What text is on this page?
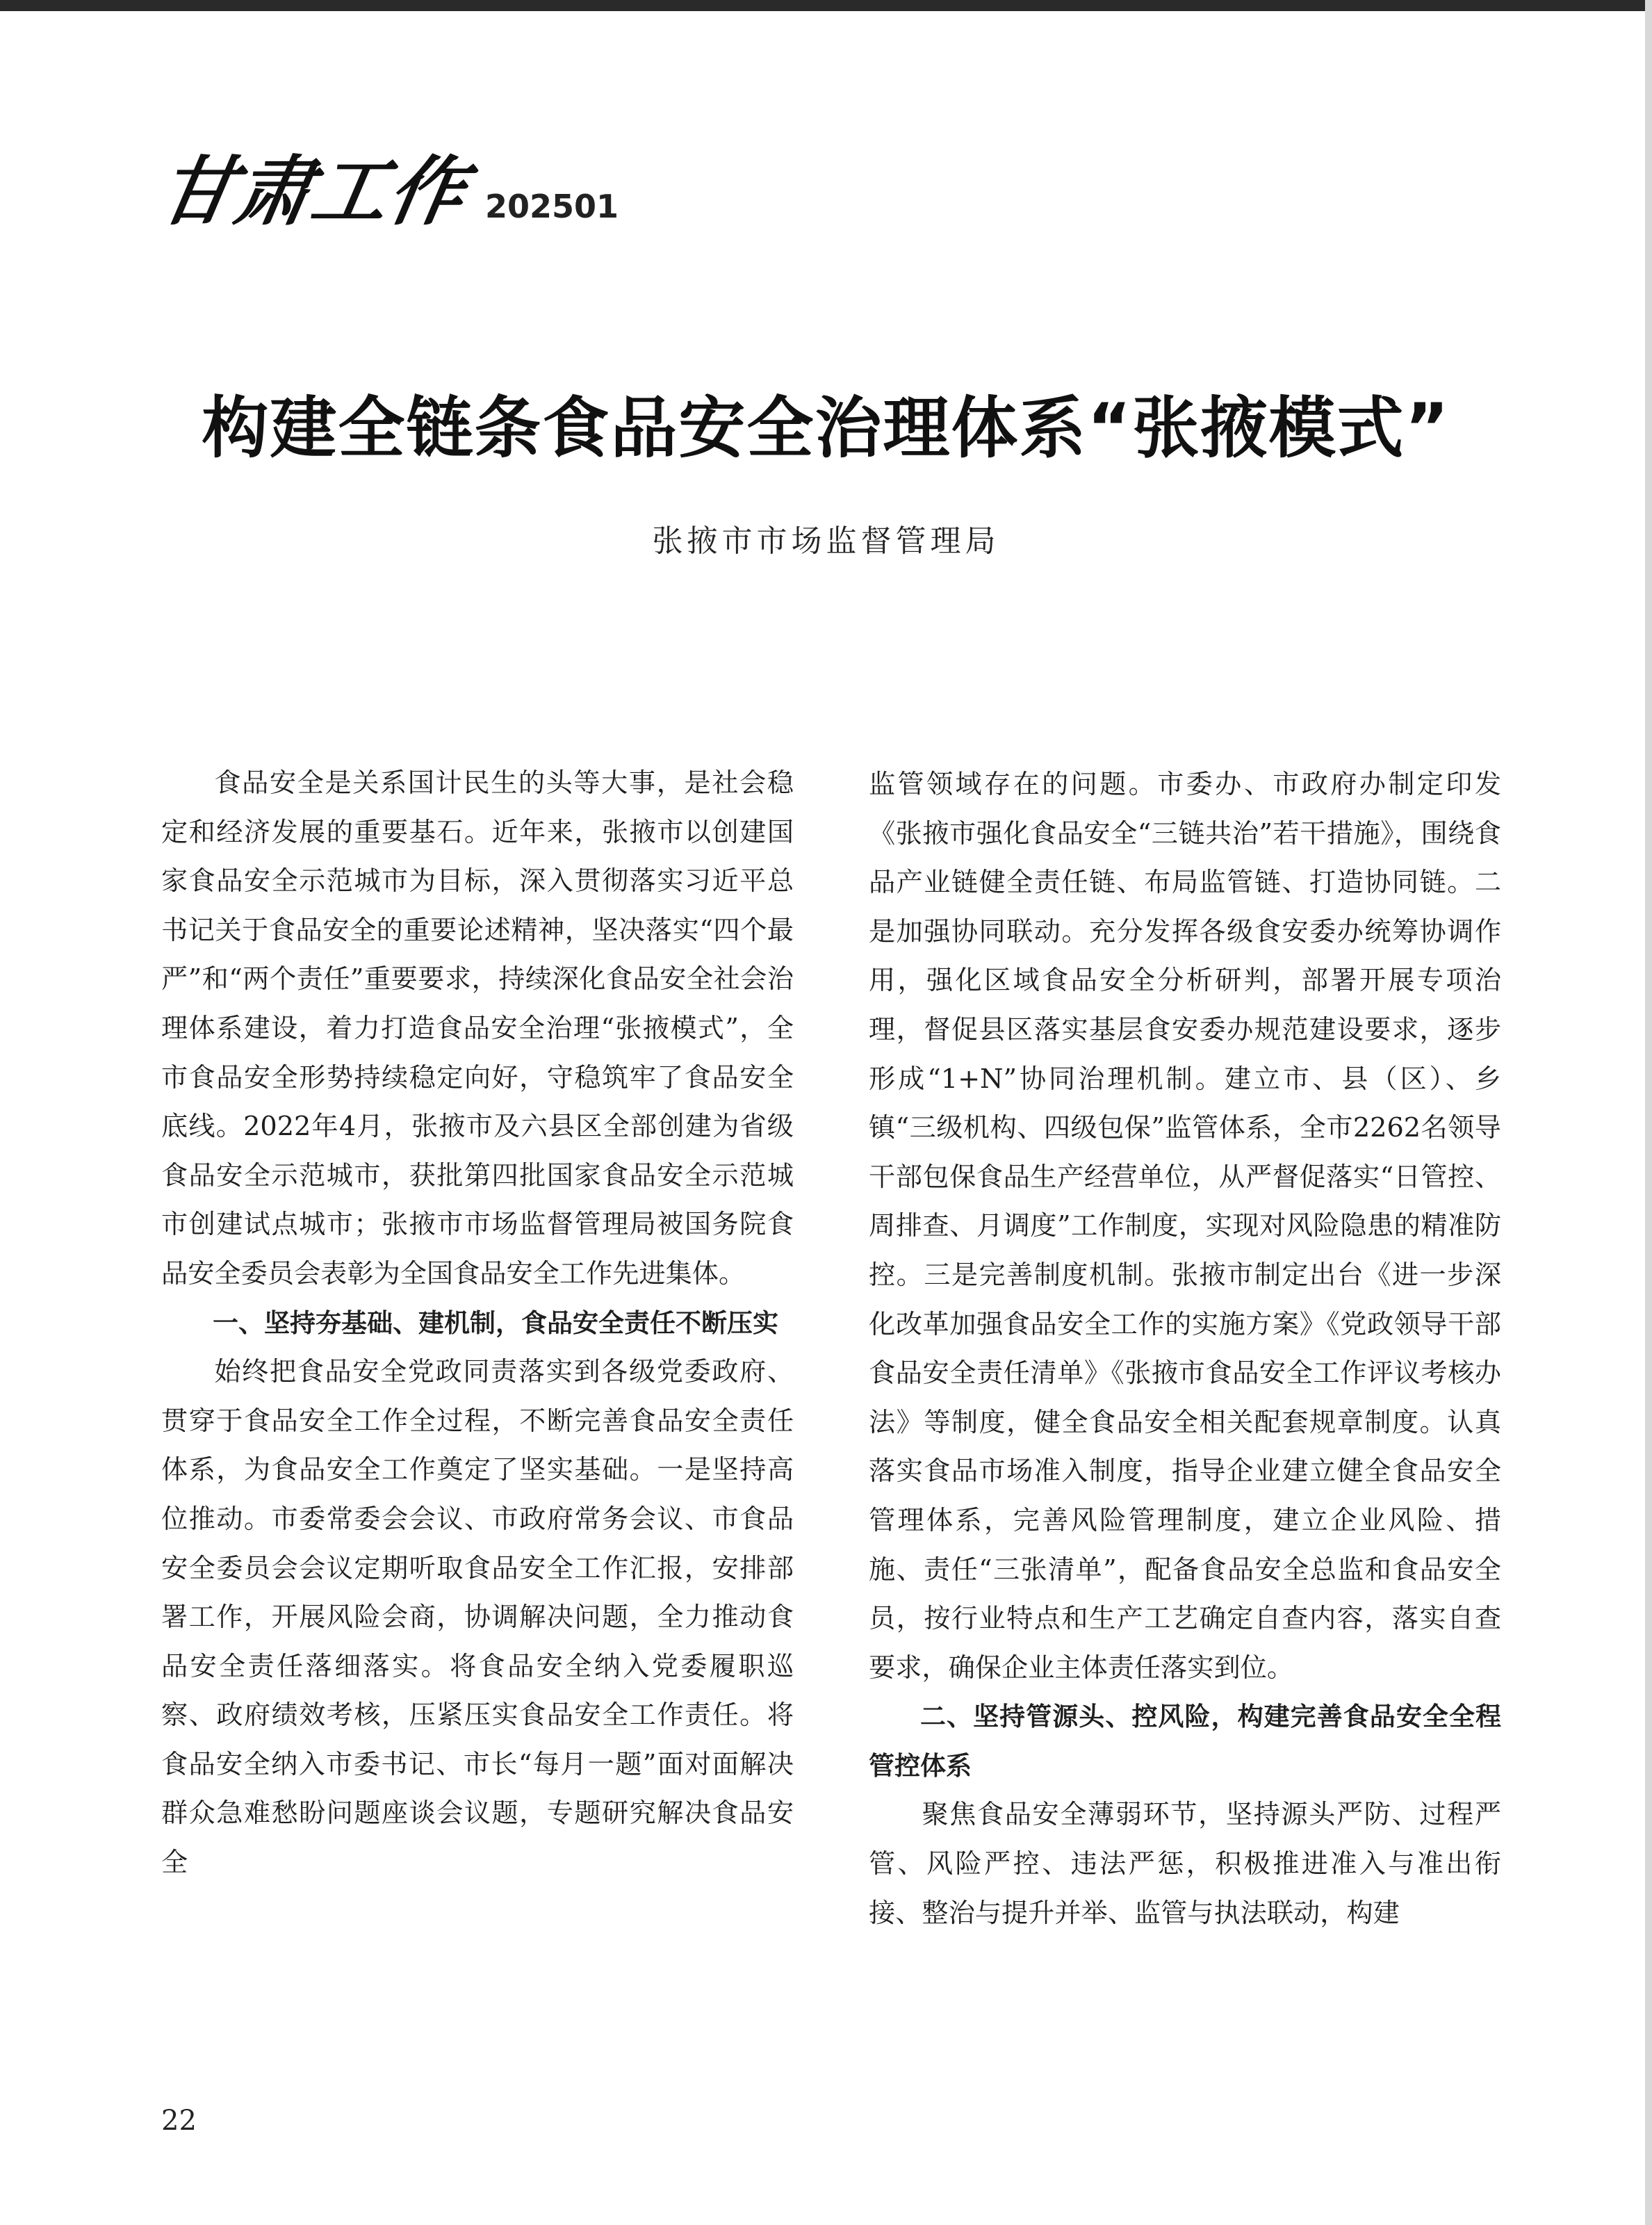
甘肃工作 202501
构建全链条食品安全治理体系“张掖模式”
张掖市市场监督管理局

食品安全是关系国计民生的头等大事，是社会稳定和经济发展的重要基石。近年来，张掖市以创建国家食品安全示范城市为目标，深入贯彻落实习近平总书记关于食品安全的重要论述精神，坚决落实“四个最严”和“两个责任”重要要求，持续深化食品安全社会治理体系建设，着力打造食品安全治理“张掖模式”，全市食品安全形势持续稳定向好，守稳筑牢了食品安全底线。2022年4月，张掖市及六县区全部创建为省级食品安全示范城市，获批第四批国家食品安全示范城市创建试点城市；张掖市市场监督管理局被国务院食品安全委员会表彰为全国食品安全工作先进集体。

一、坚持夯基础、建机制，食品安全责任不断压实

始终把食品安全党政同责落实到各级党委政府、贯穿于食品安全工作全过程，不断完善食品安全责任体系，为食品安全工作奠定了坚实基础。一是坚持高位推动。市委常委会会议、市政府常务会议、市食品安全委员会会议定期听取食品安全工作汇报，安排部署工作，开展风险会商，协调解决问题，全力推动食品安全责任落细落实。将食品安全纳入党委履职巡察、政府绩效考核，压紧压实食品安全工作责任。将食品安全纳入市委书记、市长“每月一题”面对面解决群众急难愁盼问题座谈会议题，专题研究解决食品安全

监管领域存在的问题。市委办、市政府办制定印发《张掖市强化食品安全“三链共治”若干措施》，围绕食品产业链健全责任链、布局监管链、打造协同链。二是加强协同联动。充分发挥各级食安委办统筹协调作用，强化区域食品安全分析研判，部署开展专项治理，督促县区落实基层食安委办规范建设要求，逐步形成“1+N”协同治理机制。建立市、县（区）、乡镇“三级机构、四级包保”监管体系，全市2262名领导干部包保食品生产经营单位，从严督促落实“日管控、周排查、月调度”工作制度，实现对风险隐患的精准防控。三是完善制度机制。张掖市制定出台《进一步深化改革加强食品安全工作的实施方案》《党政领导干部食品安全责任清单》《张掖市食品安全工作评议考核办法》等制度，健全食品安全相关配套规章制度。认真落实食品市场准入制度，指导企业建立健全食品安全管理体系，完善风险管理制度，建立企业风险、措施、责任“三张清单”，配备食品安全总监和食品安全员，按行业特点和生产工艺确定自查内容，落实自查要求，确保企业主体责任落实到位。

二、坚持管源头、控风险，构建完善食品安全全程管控体系

聚焦食品安全薄弱环节，坚持源头严防、过程严管、风险严控、违法严惩，积极推进准入与准出衔接、整治与提升并举、监管与执法联动，构建

22
